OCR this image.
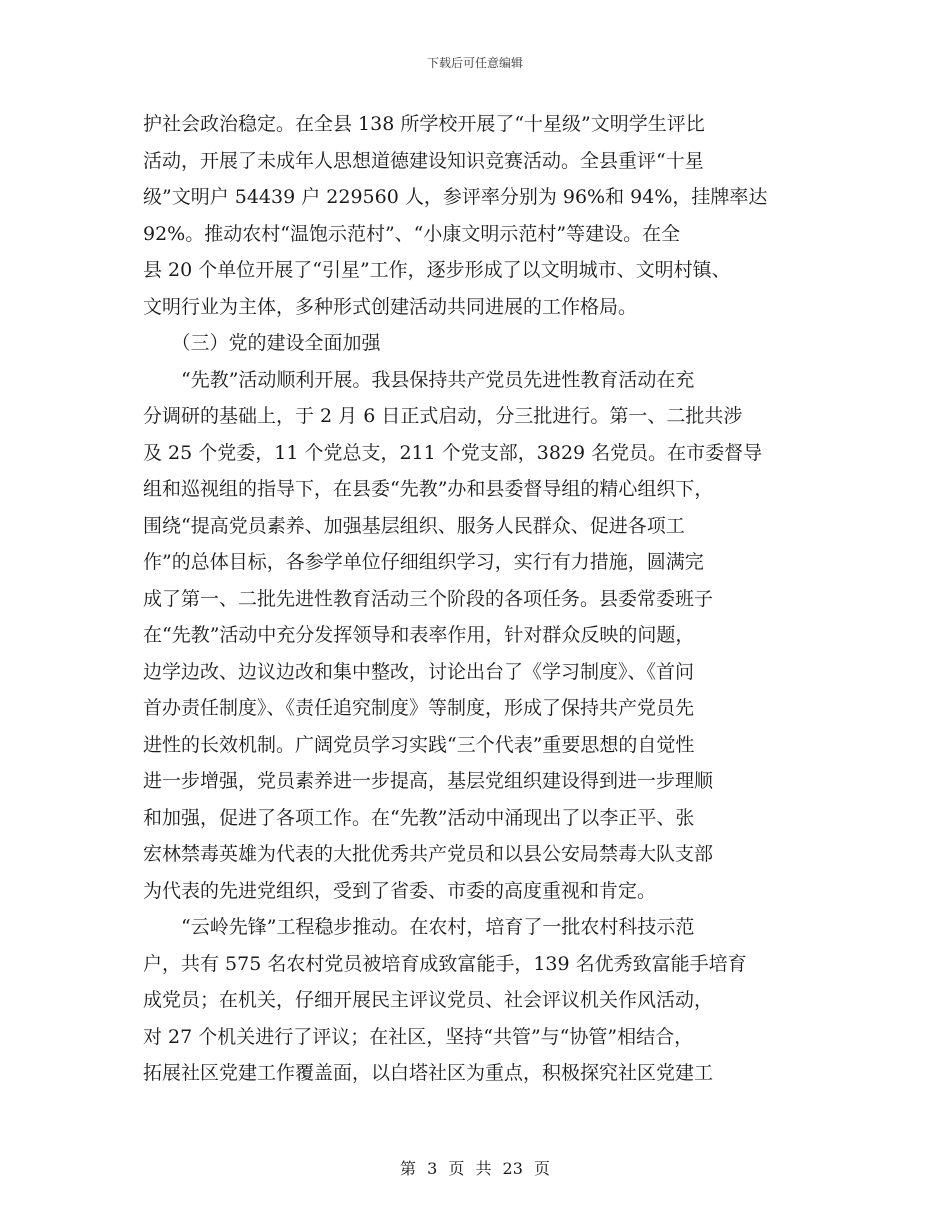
下载后可任意编辑
护社会政治稳定。在全县 138 所学校开展了“十星级”文明学生评比
活动，开展了未成年人思想道德建设知识竞赛活动。全县重评“十星
级”文明户 54439 户 229560 人，参评率分别为 96%和 94%，挂牌率达
92%。推动农村“温饱示范村”、“小康文明示范村”等建设。在全
县 20 个单位开展了“引星”工作，逐步形成了以文明城市、文明村镇、
文明行业为主体，多种形式创建活动共同进展的工作格局。
　　（三）党的建设全面加强
　　“先教”活动顺利开展。我县保持共产党员先进性教育活动在充
分调研的基础上，于 2 月 6 日正式启动，分三批进行。第一、二批共涉
及 25 个党委，11 个党总支，211 个党支部，3829 名党员。在市委督导
组和巡视组的指导下，在县委“先教”办和县委督导组的精心组织下，
围绕“提高党员素养、加强基层组织、服务人民群众、促进各项工
作”的总体目标，各参学单位仔细组织学习，实行有力措施，圆满完
成了第一、二批先进性教育活动三个阶段的各项任务。县委常委班子
在“先教”活动中充分发挥领导和表率作用，针对群众反映的问题，
边学边改、边议边改和集中整改，讨论出台了《学习制度》、《首问
首办责任制度》、《责任追究制度》等制度，形成了保持共产党员先
进性的长效机制。广阔党员学习实践“三个代表”重要思想的自觉性
进一步增强，党员素养进一步提高，基层党组织建设得到进一步理顺
和加强，促进了各项工作。在“先教”活动中涌现出了以李正平、张
宏林禁毒英雄为代表的大批优秀共产党员和以县公安局禁毒大队支部
为代表的先进党组织，受到了省委、市委的高度重视和肯定。
　　“云岭先锋”工程稳步推动。在农村，培育了一批农村科技示范
户，共有 575 名农村党员被培育成致富能手，139 名优秀致富能手培育
成党员；在机关，仔细开展民主评议党员、社会评议机关作风活动，
对 27 个机关进行了评议；在社区，坚持“共管”与“协管”相结合，
拓展社区党建工作覆盖面，以白塔社区为重点，积极探究社区党建工
第 3 页 共 23 页
